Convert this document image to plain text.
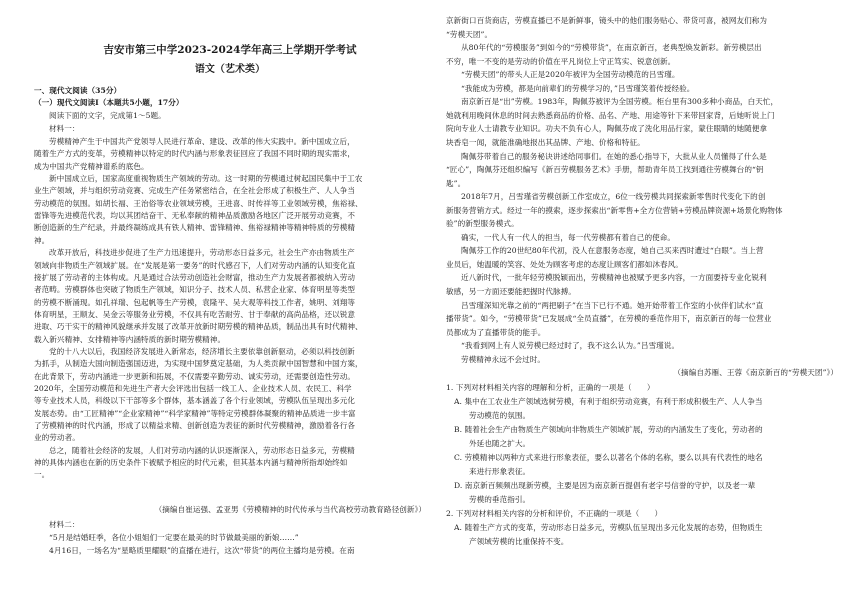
吉安市第三中学2023-2024学年高三上学期开学考试
语文（艺术类）
一、现代文阅读（35分）
（一）现代文阅读Ⅰ（本题共5小题，17分）
阅读下面的文字，完成第1～5题。
材料一：
劳模精神产生于中国共产党领导人民进行革命、建设、改革的伟大实践中。新中国成立后，
随着生产方式的变革，劳模精神以特定的时代内涵与形象表征回应了我国不同时期的现实需求，
成为中国共产党精神谱系的底色。
新中国成立后，国家高度重视物质生产领域的劳动。这一时期的劳模通过树起国民集中于工农
业生产领域，并与组织劳动竞赛、完成生产任务紧密结合，在全社会形成了积极生产、人人争当
劳动模范的氛围。如胡长福、王治俗等农业领域劳模，王进喜、时传祥等工业领域劳模，焦裕禄、
雷锋等先进模范代表，均以其团结奋干、无私奉献的精神品质激励各地区广泛开展劳动竞赛，不
断创造新的生产纪录，并最终凝练成具有铁人精神、雷锋精神、焦裕禄精神等精神特质的劳模精
神。
改革开放后，科技进步促进了生产力迅速提升，劳动形态日益多元，社会生产亦由物质生产
领域向非物质生产领域扩展。在“发展是第一要务”的时代感召下，人们对劳动内涵的认知变化直
接扩展了劳动者的主体构成。凡是通过合法劳动创造社会财富，推动生产力发展者都被纳入劳动
者范畴。劳模群体也突破了物质生产领域，知识分子、技术人员、私营企业家、体育明星等类型
的劳模不断涌现。如孔祥瑞、包起帆等生产劳模，袁隆平、吴大观等科技工作者，姚明、刘翔等
体育明星，王顺友、吴金云等服务业劳模，不仅具有吃苦耐劳、甘于奉献的高尚品格，还以锐意
进取、巧干实干的精神风貌继承并发展了改革开放新时期劳模的精神品质，制品出具有时代精神、
载入新兴精神、女排精神等内涵特质的新时期劳模精神。
党的十八大以后，我国经济发展进入新常态，经济增长主要依靠创新驱动，必须以科技创新
为抓手，从制造大国向制造强国迈进，为实现中国梦奠定基础，为人类贡献中国智慧和中国方案，
在此背景下，劳动内涵进一步更新和拓展，不仅需要辛勤劳动、诚实劳动，还需要创造性劳动。
2020年，全国劳动模范和先进生产者大会评选出包括一线工人、企业技术人员、农民工、科学
等专业技术人员，科级以下干部等多个群体，基本涵盖了各个行业领域，劳模队伍呈现出多元化
发展态势。由“工匠精神”“企业家精神”“科学家精神”等特定劳模群体凝聚的精神品质进一步丰富
了劳模精神的时代内涵，形成了以精益求精、创新创造为表征的新时代劳模精神，激励着各行各
业的劳动者。
总之，随着社会经济的发展，人们对劳动内涵的认识逐渐深入，劳动形态日益多元，劳模精
神的具体内涵也在新的历史条件下被赋予相应的时代元素，但其基本内涵与精神所指却始终如
一。
（摘编自崔运强、孟亚男《劳模精神的时代传承与当代高校劳动教育路径创新》）
材料二：
“5月是结婚旺季，各位小姐姐们一定要在最美的时节做最美丽的新娘……”
4月16日，一场名为“星略质里耀眼”的直播在进行，这次“带货”的两位主播均是劳模。在南
京新街口百货商店，劳模直播已不是新鲜事，镜头中的他们服务贴心、带货可喜，被网友们称为
“劳模天团”。
从80年代的“劳模服务”到如今的“劳模带货”，在南京新百，老典型焕发新彩。新劳模层出
不穷，唯一不变的是劳动的价值在平凡岗位上守正笃实、锐意创新。
“劳模天团”的带头人正是2020年被评为全国劳动模范的吕雪瑾。
“我能成为劳模，都是向前辈们的劳模学习的，”吕雪瑾笑着传授经验。
南京新百是“出”劳模。1983年，陶佩芬被评为全国劳模。柜台里有300多种小商品，白天忙，
她就利用晚间休息的时间去熟悉商品的价格、品名、产地、用途等针下来带回家背，后她听说上门
院向专业人士请教专业知识。功夫不负有心人，陶佩芬成了洗化用品行家，蒙住眼睛的她随便拿
块香皂一闻，就能准确地报出其品牌、产地、价格和特征。
陶佩芬带着自己的服务秘诀讲述给同事们。在她的悉心指导下，大批从业人员懂得了什么是
“匠心”，陶佩芬还组织编写《新百劳模服务艺术》手册，帮助青年员工找到通往劳模舞台的“钥
匙”。
2018年7月，吕雪瑾省劳模创新工作室成立，6位一线劳模共同探索新零售时代变化下的创
新服务营销方式。经过一年的摸索，逐步探索出“新零售+全方位营销+劳模品牌资源+场景化购物体
验”的新型服务模式。
确实，一代人有一代人的担当，每一代劳模都有着自己的使命。
陶佩芬工作的20世纪80年代初，没人在意服务态度，她自己买来西时遭过“白眼”。当上营
业员后，她温暖的笑容、处处为顾客考虑的态度让顾客们都如沐春风。
近八新时代，一批年轻劳模脱颖而出，劳模精神也被赋予更多内容，一方面要持专业化锐利
敏感，另一方面还要能把握时代脉搏。
吕雪瑾深知光靠之前的“两把刷子”在当下已行不通。她开始带着工作室的小伙伴们试水“直
播带货”。如今，“劳模带货”已发展成“全员直播”，在劳模的垂范作用下，南京新百的每一位营业
员都成为了直播带货的能手。
“我看到网上有人说劳模已经过时了，我不这么认为。”吕雪瑾说。
劳模精神永远不会过时。
（摘编自苏雁、王蓉《南京新百的“劳模天团”》）
1. 下列对材料相关内容的理解和分析，正确的一项是（　　）
A. 集中在工农业生产领域选树劳模，有利于组织劳动竞赛，有利于形成积极生产、人人争当
劳动模范的氛围。
B. 随着社会生产由物质生产领域向非物质生产领域扩展，劳动的内涵发生了变化，劳动者的
外延也随之扩大。
C. 劳模精神以两种方式来进行形象表征，要么以著名个体的名称，要么以具有代表性的地名
来进行形象表征。
D. 南京新百频频出现新劳模，主要是因为南京新百提倡有老字号信誉的守护，以及老一辈
劳模的垂范指引。
2. 下列对材料相关内容的分析和评价，不正确的一项是（　　）
A. 随着生产方式的变革，劳动形态日益多元，劳模队伍呈现出多元化发展的态势，但物质生
产领域劳模的比重保持不变。
